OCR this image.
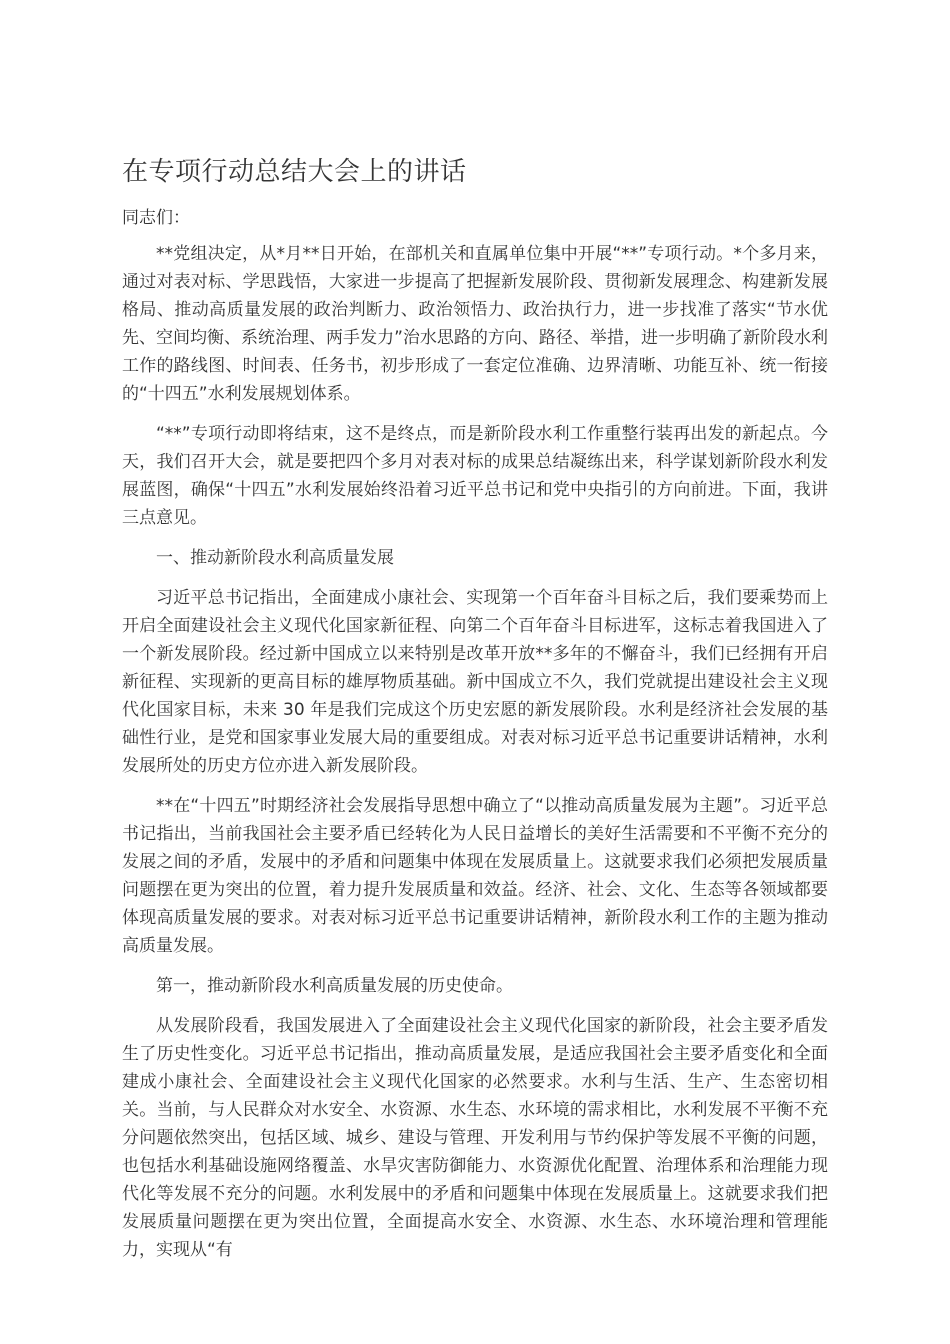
在专项行动总结大会上的讲话

同志们：

**党组决定，从*月**日开始，在部机关和直属单位集中开展“**”专项行动。*个多月来，通过对表对标、学思践悟，大家进一步提高了把握新发展阶段、贯彻新发展理念、构建新发展格局、推动高质量发展的政治判断力、政治领悟力、政治执行力，进一步找准了落实“节水优先、空间均衡、系统治理、两手发力”治水思路的方向、路径、举措，进一步明确了新阶段水利工作的路线图、时间表、任务书，初步形成了一套定位准确、边界清晰、功能互补、统一衔接的“十四五”水利发展规划体系。

“**”专项行动即将结束，这不是终点，而是新阶段水利工作重整行装再出发的新起点。今天，我们召开大会，就是要把四个多月对表对标的成果总结凝练出来，科学谋划新阶段水利发展蓝图，确保“十四五”水利发展始终沿着习近平总书记和党中央指引的方向前进。下面，我讲三点意见。

一、推动新阶段水利高质量发展

习近平总书记指出，全面建成小康社会、实现第一个百年奋斗目标之后，我们要乘势而上开启全面建设社会主义现代化国家新征程、向第二个百年奋斗目标进军，这标志着我国进入了一个新发展阶段。经过新中国成立以来特别是改革开放**多年的不懈奋斗，我们已经拥有开启新征程、实现新的更高目标的雄厚物质基础。新中国成立不久，我们党就提出建设社会主义现代化国家目标，未来 30 年是我们完成这个历史宏愿的新发展阶段。水利是经济社会发展的基础性行业，是党和国家事业发展大局的重要组成。对表对标习近平总书记重要讲话精神，水利发展所处的历史方位亦进入新发展阶段。

**在“十四五”时期经济社会发展指导思想中确立了“以推动高质量发展为主题”。习近平总书记指出，当前我国社会主要矛盾已经转化为人民日益增长的美好生活需要和不平衡不充分的发展之间的矛盾，发展中的矛盾和问题集中体现在发展质量上。这就要求我们必须把发展质量问题摆在更为突出的位置，着力提升发展质量和效益。经济、社会、文化、生态等各领域都要体现高质量发展的要求。对表对标习近平总书记重要讲话精神，新阶段水利工作的主题为推动高质量发展。

第一，推动新阶段水利高质量发展的历史使命。

从发展阶段看，我国发展进入了全面建设社会主义现代化国家的新阶段，社会主要矛盾发生了历史性变化。习近平总书记指出，推动高质量发展，是适应我国社会主要矛盾变化和全面建成小康社会、全面建设社会主义现代化国家的必然要求。水利与生活、生产、生态密切相关。当前，与人民群众对水安全、水资源、水生态、水环境的需求相比，水利发展不平衡不充分问题依然突出，包括区域、城乡、建设与管理、开发利用与节约保护等发展不平衡的问题，也包括水利基础设施网络覆盖、水旱灾害防御能力、水资源优化配置、治理体系和治理能力现代化等发展不充分的问题。水利发展中的矛盾和问题集中体现在发展质量上。这就要求我们把发展质量问题摆在更为突出位置，全面提高水安全、水资源、水生态、水环境治理和管理能力，实现从“有
